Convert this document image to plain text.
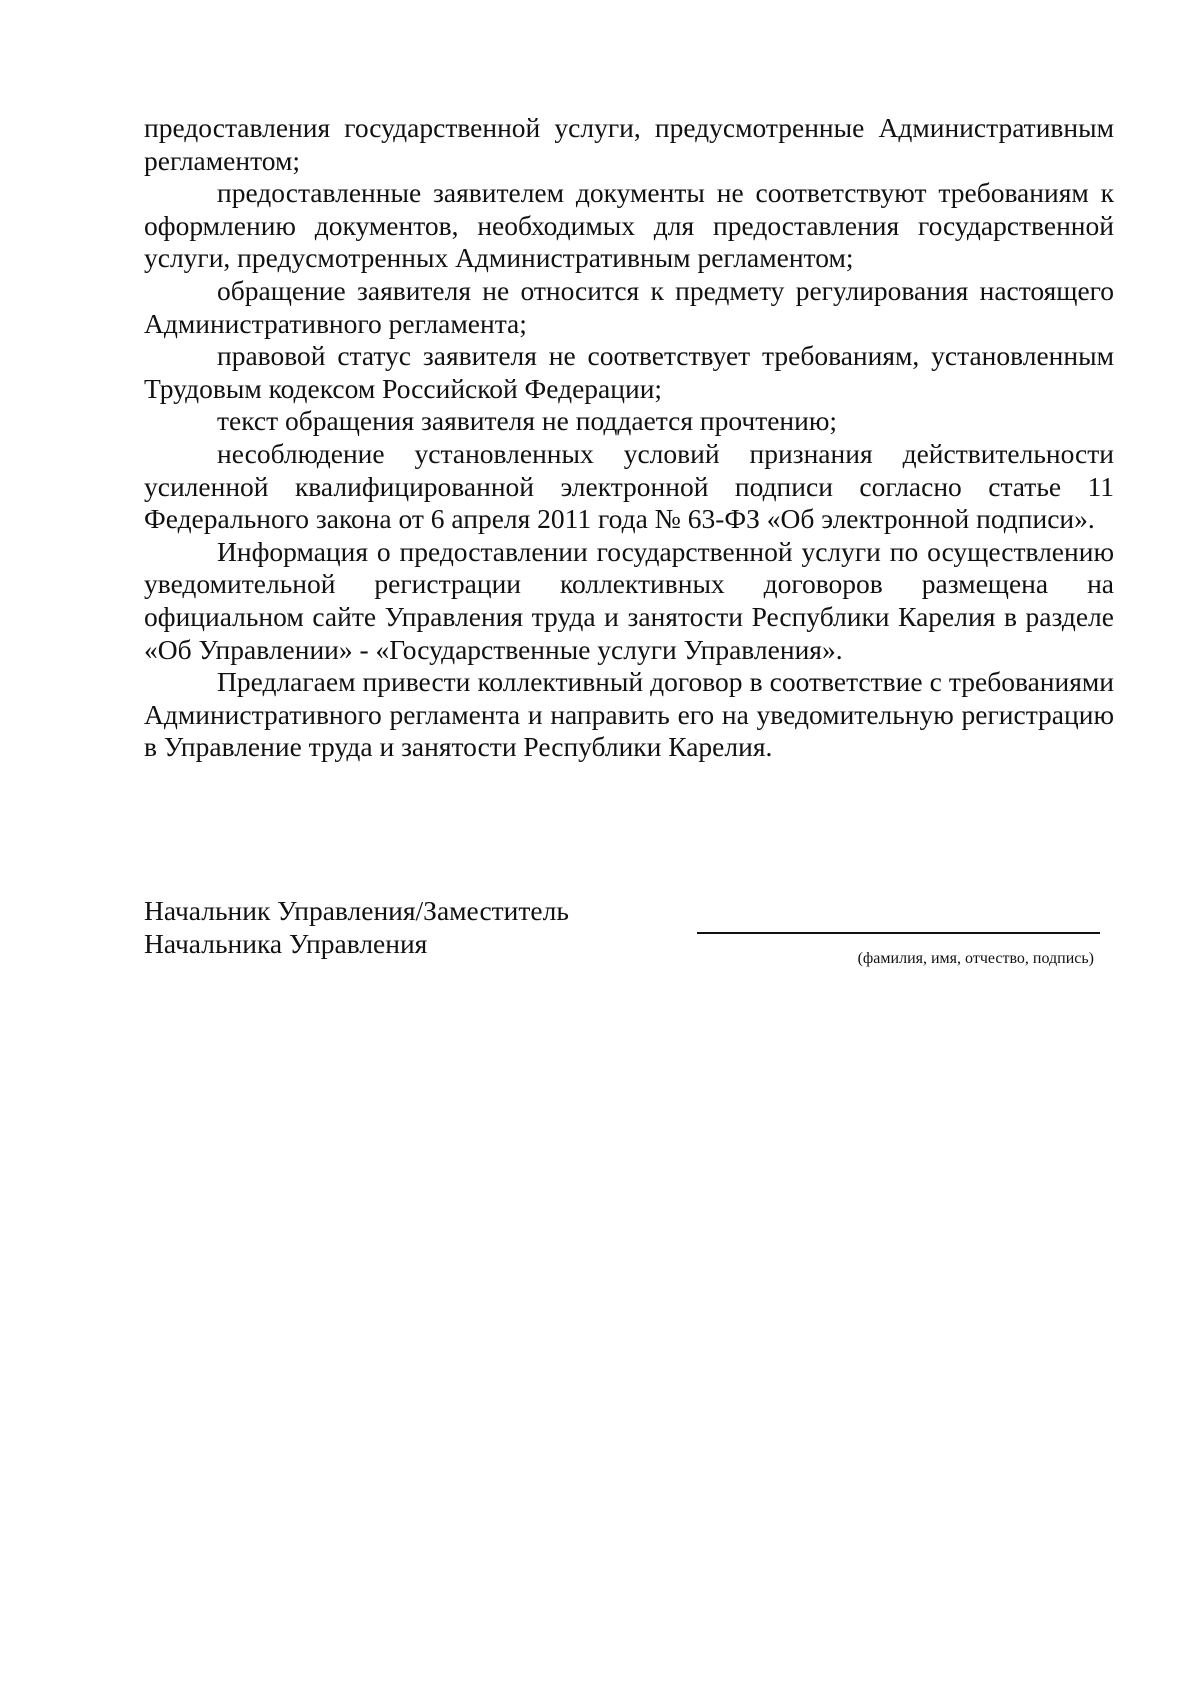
предоставления государственной услуги, предусмотренные Административным регламентом;

предоставленные заявителем документы не соответствуют требованиям к оформлению документов, необходимых для предоставления государственной услуги, предусмотренных Административным регламентом;

обращение заявителя не относится к предмету регулирования настоящего Административного регламента;

правовой статус заявителя не соответствует требованиям, установленным Трудовым кодексом Российской Федерации;

текст обращения заявителя не поддается прочтению;

несоблюдение установленных условий признания действительности усиленной квалифицированной электронной подписи согласно статье 11 Федерального закона от 6 апреля 2011 года № 63-ФЗ «Об электронной подписи».

Информация о предоставлении государственной услуги по осуществлению уведомительной регистрации коллективных договоров размещена на официальном сайте Управления труда и занятости Республики Карелия в разделе «Об Управлении» - «Государственные услуги Управления».

Предлагаем привести коллективный договор в соответствие с требованиями Административного регламента и направить его на уведомительную регистрацию в Управление труда и занятости Республики Карелия.

Начальник Управления/Заместитель
Начальника Управления	(фамилия, имя, отчество, подпись)
